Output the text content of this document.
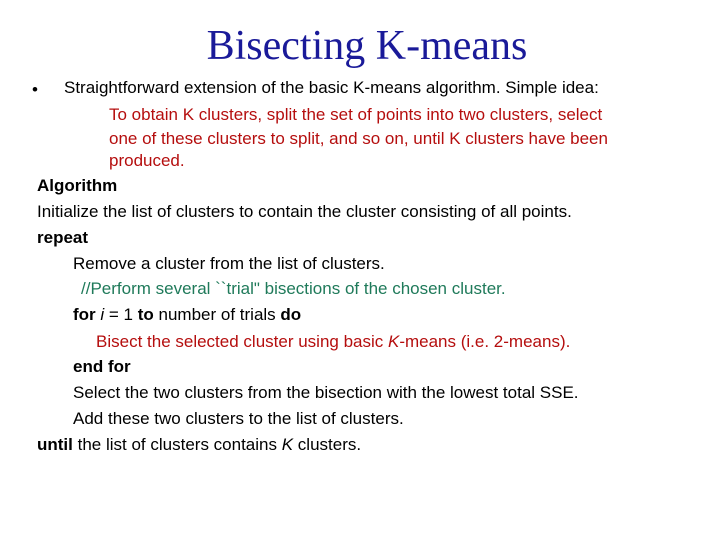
Bisecting K-means
• Straightforward extension of the basic K-means algorithm. Simple idea:
To obtain K clusters, split the set of points into two clusters, select
one of these clusters to split, and so on, until K clusters have been
produced.
Algorithm
Initialize the list of clusters to contain the cluster consisting of all points.
repeat
Remove a cluster from the list of clusters.
//Perform several ``trial" bisections of the chosen cluster.
for i = 1 to number of trials do
Bisect the selected cluster using basic K-means (i.e. 2-means).
end for
Select the two clusters from the bisection with the lowest total SSE.
Add these two clusters to the list of clusters.
until the list of clusters contains K clusters.
